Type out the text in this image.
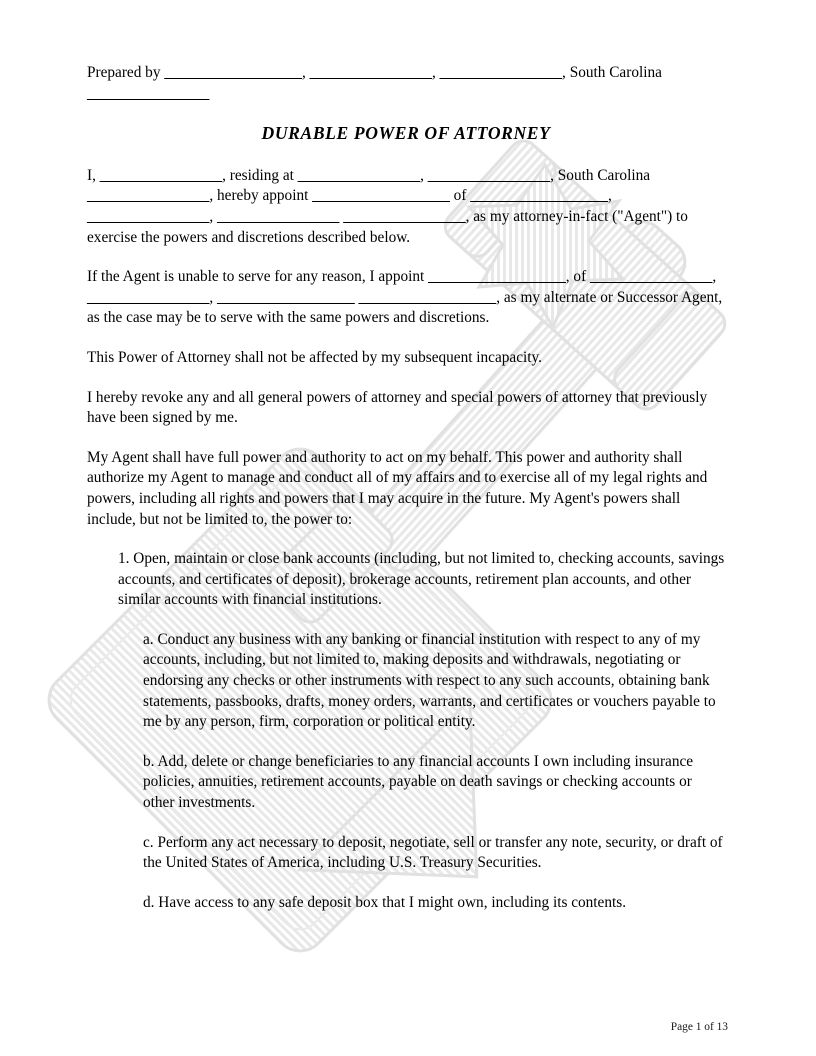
Prepared by __________________, ________________, ________________, South Carolina ________________

DURABLE POWER OF ATTORNEY

I, ________________, residing at ________________, ________________, South Carolina ________________, hereby appoint __________________ of __________________, ________________, ________________ ________________, as my attorney-in-fact ("Agent") to exercise the powers and discretions described below.

If the Agent is unable to serve for any reason, I appoint __________________, of ________________, ________________, __________________ __________________, as my alternate or Successor Agent, as the case may be to serve with the same powers and discretions.

This Power of Attorney shall not be affected by my subsequent incapacity.

I hereby revoke any and all general powers of attorney and special powers of attorney that previously have been signed by me.

My Agent shall have full power and authority to act on my behalf. This power and authority shall authorize my Agent to manage and conduct all of my affairs and to exercise all of my legal rights and powers, including all rights and powers that I may acquire in the future. My Agent's powers shall include, but not be limited to, the power to:

1. Open, maintain or close bank accounts (including, but not limited to, checking accounts, savings accounts, and certificates of deposit), brokerage accounts, retirement plan accounts, and other similar accounts with financial institutions.

a. Conduct any business with any banking or financial institution with respect to any of my accounts, including, but not limited to, making deposits and withdrawals, negotiating or endorsing any checks or other instruments with respect to any such accounts, obtaining bank statements, passbooks, drafts, money orders, warrants, and certificates or vouchers payable to me by any person, firm, corporation or political entity.

b. Add, delete or change beneficiaries to any financial accounts I own including insurance policies, annuities, retirement accounts, payable on death savings or checking accounts or other investments.

c. Perform any act necessary to deposit, negotiate, sell or transfer any note, security, or draft of the United States of America, including U.S. Treasury Securities.

d. Have access to any safe deposit box that I might own, including its contents.

Page 1 of 13
